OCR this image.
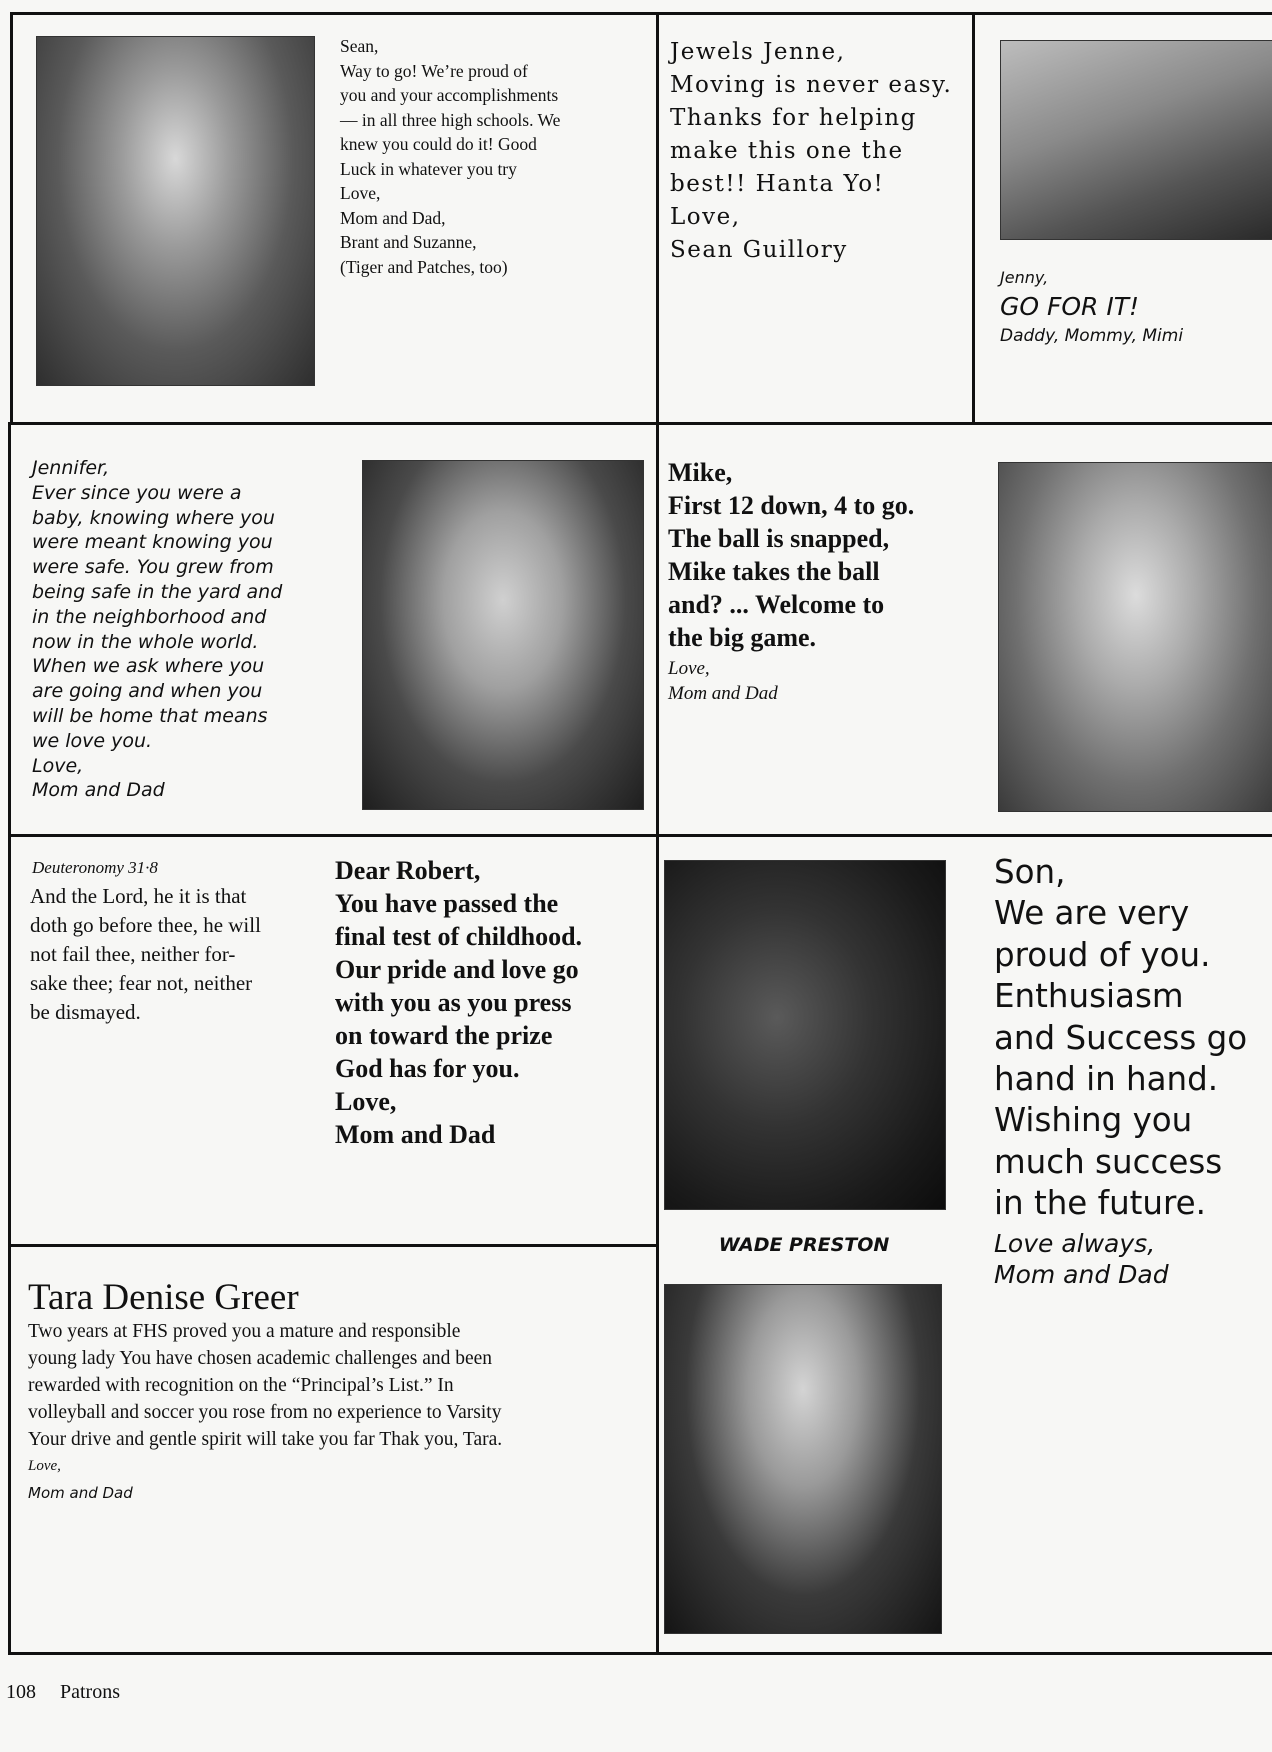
Sean,
Way to go! We’re proud of
you and your accomplishments
— in all three high schools. We
knew you could do it! Good
Luck in whatever you try
Love,
Mom and Dad,
Brant and Suzanne,
(Tiger and Patches, too)
Jewels Jenne,
Moving is never easy.
Thanks for helping
make this one the
best!! Hanta Yo!
Love,
Sean Guillory
Jenny,
GO FOR IT!
Daddy, Mommy, Mimi
Jennifer,
Ever since you were a
baby, knowing where you
were meant knowing you
were safe. You grew from
being safe in the yard and
in the neighborhood and
now in the whole world.
When we ask where you
are going and when you
will be home that means
we love you.
Love,
Mom and Dad
Mike,
First 12 down, 4 to go.
The ball is snapped,
Mike takes the ball
and? ... Welcome to
the big game.
Love,
Mom and Dad
Deuteronomy 31·8
And the Lord, he it is that
doth go before thee, he will
not fail thee, neither for-
sake thee; fear not, neither
be dismayed.
Dear Robert,
You have passed the
final test of childhood.
Our pride and love go
with you as you press
on toward the prize
God has for you.
Love,
Mom and Dad
WADE PRESTON
Son,
We are very
proud of you.
Enthusiasm
and Success go
hand in hand.
Wishing you
much success
in the future.
Love always,
Mom and Dad
Tara Denise Greer
Two years at FHS proved you a mature and responsible
young lady You have chosen academic challenges and been
rewarded with recognition on the “Principal’s List.” In
volleyball and soccer you rose from no experience to Varsity
Your drive and gentle spirit will take you far Thak you, Tara.
Love,
Mom and Dad
108 Patrons
